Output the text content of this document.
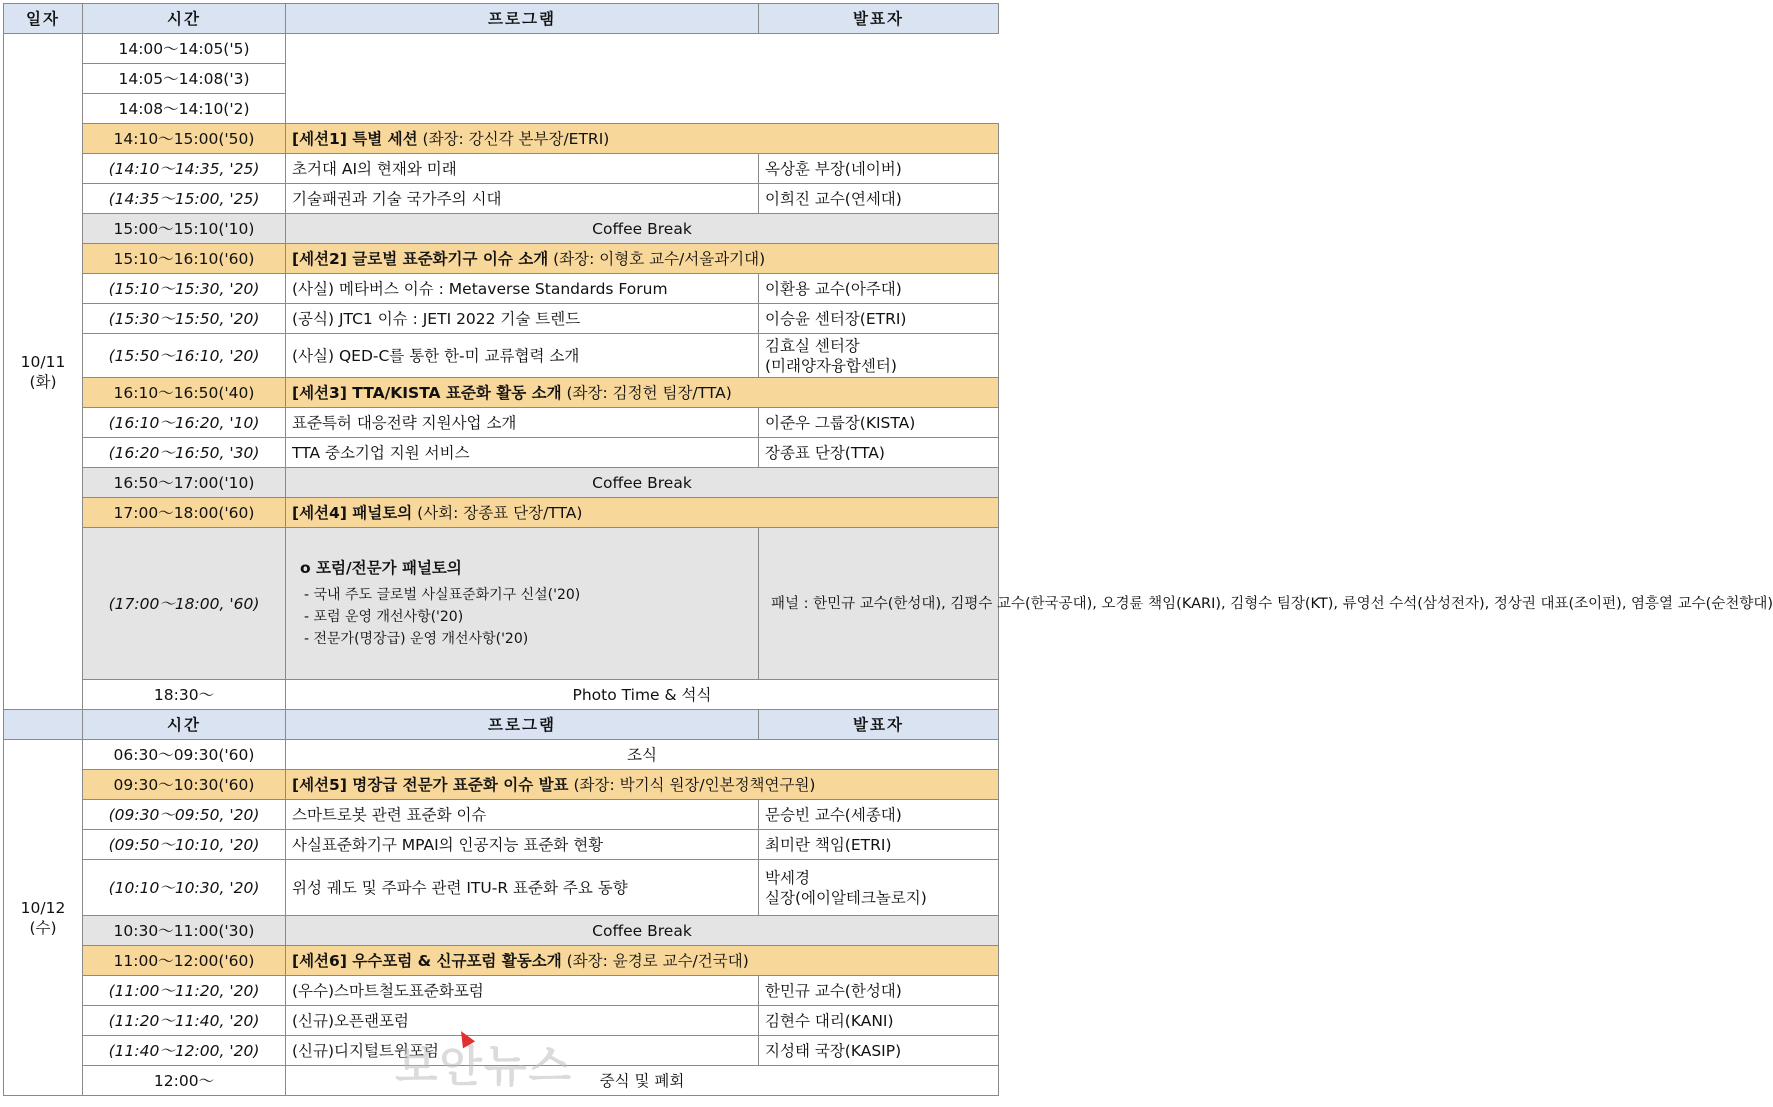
일자	시간	프로그램	발표자
10/11
(화)	14:00～14:05('5)		
	14:05～14:08('3)		
	14:08～14:10('2)		
	14:10～15:00('50)	[세션1] 특별 세션 (좌장: 강신각 본부장/ETRI)	
	(14:10～14:35, '25)	초거대 AI의 현재와 미래	옥상훈 부장(네이버)
	(14:35～15:00, '25)	기술패권과 기술 국가주의 시대	이희진 교수(연세대)
	15:00～15:10('10)	Coffee Break	
	15:10～16:10('60)	[세션2] 글로벌 표준화기구 이슈 소개 (좌장: 이형호 교수/서울과기대)	
	(15:10～15:30, '20)	(사실) 메타버스 이슈 : Metaverse Standards Forum	이환용 교수(아주대)
	(15:30～15:50, '20)	(공식) JTC1 이슈 : JETI 2022 기술 트렌드	이승윤 센터장(ETRI)
	(15:50～16:10, '20)	(사실) QED-C를 통한 한-미 교류협력 소개	김효실 센터장
(미래양자융합센터)
	16:10～16:50('40)	[세션3] TTA/KISTA 표준화 활동 소개 (좌장: 김정헌 팀장/TTA)	
	(16:10～16:20, '10)	표준특허 대응전략 지원사업 소개	이준우 그룹장(KISTA)
	(16:20～16:50, '30)	TTA 중소기업 지원 서비스	장종표 단장(TTA)
	16:50～17:00('10)	Coffee Break	
	17:00～18:00('60)	[세션4] 패널토의 (사회: 장종표 단장/TTA)	
	(17:00～18:00, '60)	o 포럼/전문가 패널토의
- 국내 주도 글로벌 사실표준화기구 신설('20)
- 포럼 운영 개선사항('20)
- 전문가(명장급) 운영 개선사항('20)	패널 : 한민규 교수(한성대), 김평수 교수(한국공대), 오경륜 책임(KARI), 김형수 팀장(KT), 류영선 수석(삼성전자), 정상권 대표(조이펀), 염흥열 교수(순천향대)
	18:30～	Photo Time & 석식	
	시간	프로그램	발표자
10/12
(수)	06:30～09:30('60)	조식	
	09:30～10:30('60)	[세션5] 명장급 전문가 표준화 이슈 발표 (좌장: 박기식 원장/인본정책연구원)	
	(09:30～09:50, '20)	스마트로봇 관련 표준화 이슈	문승빈 교수(세종대)
	(09:50～10:10, '20)	사실표준화기구 MPAI의 인공지능 표준화 현황	최미란 책임(ETRI)
	(10:10～10:30, '20)	위성 궤도 및 주파수 관련 ITU-R 표준화 주요 동향	박세경
실장(에이알테크놀로지)
	10:30～11:00('30)	Coffee Break	
	11:00～12:00('60)	[세션6] 우수포럼 & 신규포럼 활동소개 (좌장: 윤경로 교수/건국대)	
	(11:00～11:20, '20)	(우수)스마트철도표준화포럼	한민규 교수(한성대)
	(11:20～11:40, '20)	(신규)오픈랜포럼	김현수 대리(KANI)
	(11:40～12:00, '20)	(신규)디지털트윈포럼	지성태 국장(KASIP)
	12:00～	중식 및 폐회	
보안뉴스
